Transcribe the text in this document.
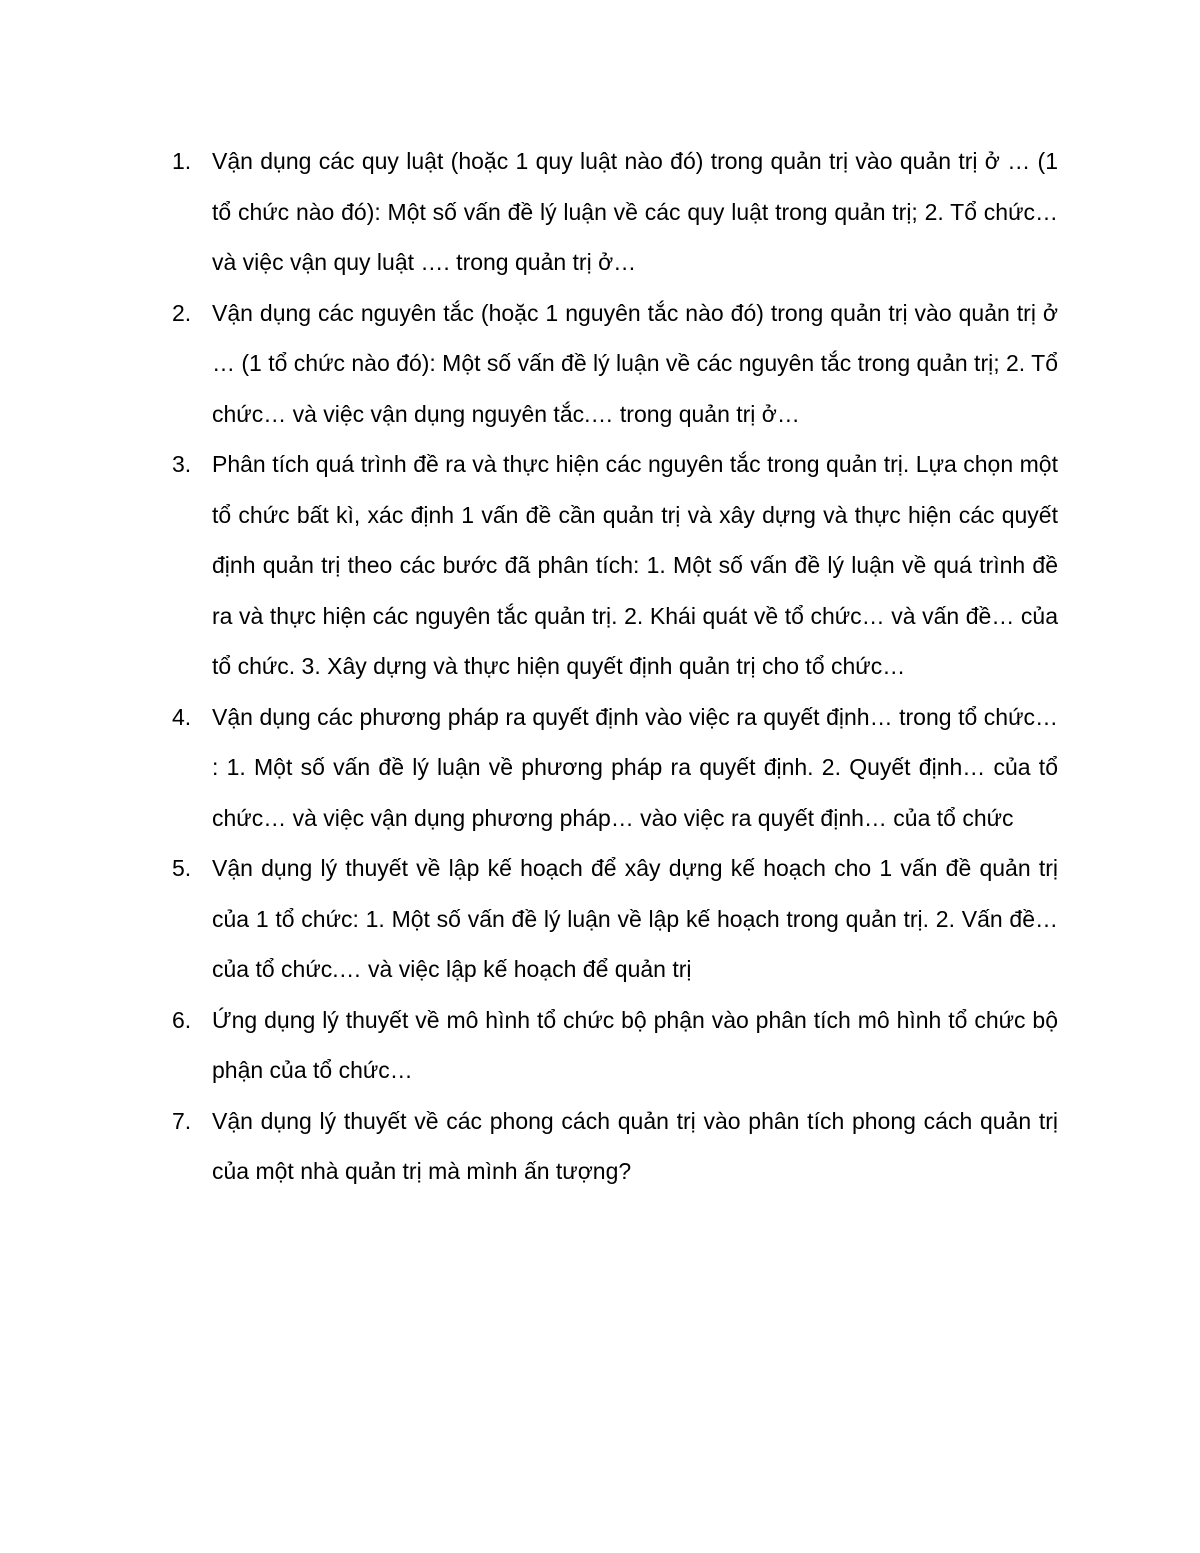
1. Vận dụng các quy luật (hoặc 1 quy luật nào đó) trong quản trị vào quản trị ở … (1 tổ chức nào đó): Một số vấn đề lý luận về các quy luật trong quản trị; 2. Tổ chức… và việc vận quy luật …. trong quản trị ở…
2. Vận dụng các nguyên tắc (hoặc 1 nguyên tắc nào đó) trong quản trị vào quản trị ở … (1 tổ chức nào đó): Một số vấn đề lý luận về các nguyên tắc trong quản trị; 2. Tổ chức… và việc vận dụng nguyên tắc.… trong quản trị ở…
3. Phân tích quá trình đề ra và thực hiện các nguyên tắc trong quản trị. Lựa chọn một tổ chức bất kì, xác định 1 vấn đề cần quản trị và xây dựng và thực hiện các quyết định quản trị theo các bước đã phân tích: 1. Một số vấn đề lý luận về quá trình đề ra và thực hiện các nguyên tắc quản trị. 2. Khái quát về tổ chức… và vấn đề… của tổ chức. 3. Xây dựng và thực hiện quyết định quản trị cho tổ chức…
4. Vận dụng các phương pháp ra quyết định vào việc ra quyết định… trong tổ chức… : 1. Một số vấn đề lý luận về phương pháp ra quyết định. 2. Quyết định… của tổ chức… và việc vận dụng phương pháp… vào việc ra quyết định… của tổ chức
5. Vận dụng lý thuyết về lập kế hoạch để xây dựng kế hoạch cho 1 vấn đề quản trị của 1 tổ chức: 1. Một số vấn đề lý luận về lập kế hoạch trong quản trị. 2. Vấn đề… của tổ chức.… và việc lập kế hoạch để quản trị
6. Ứng dụng lý thuyết về mô hình tổ chức bộ phận vào phân tích mô hình tổ chức bộ phận của tổ chức…
7. Vận dụng lý thuyết về các phong cách quản trị vào phân tích phong cách quản trị của một nhà quản trị mà mình ấn tượng?
